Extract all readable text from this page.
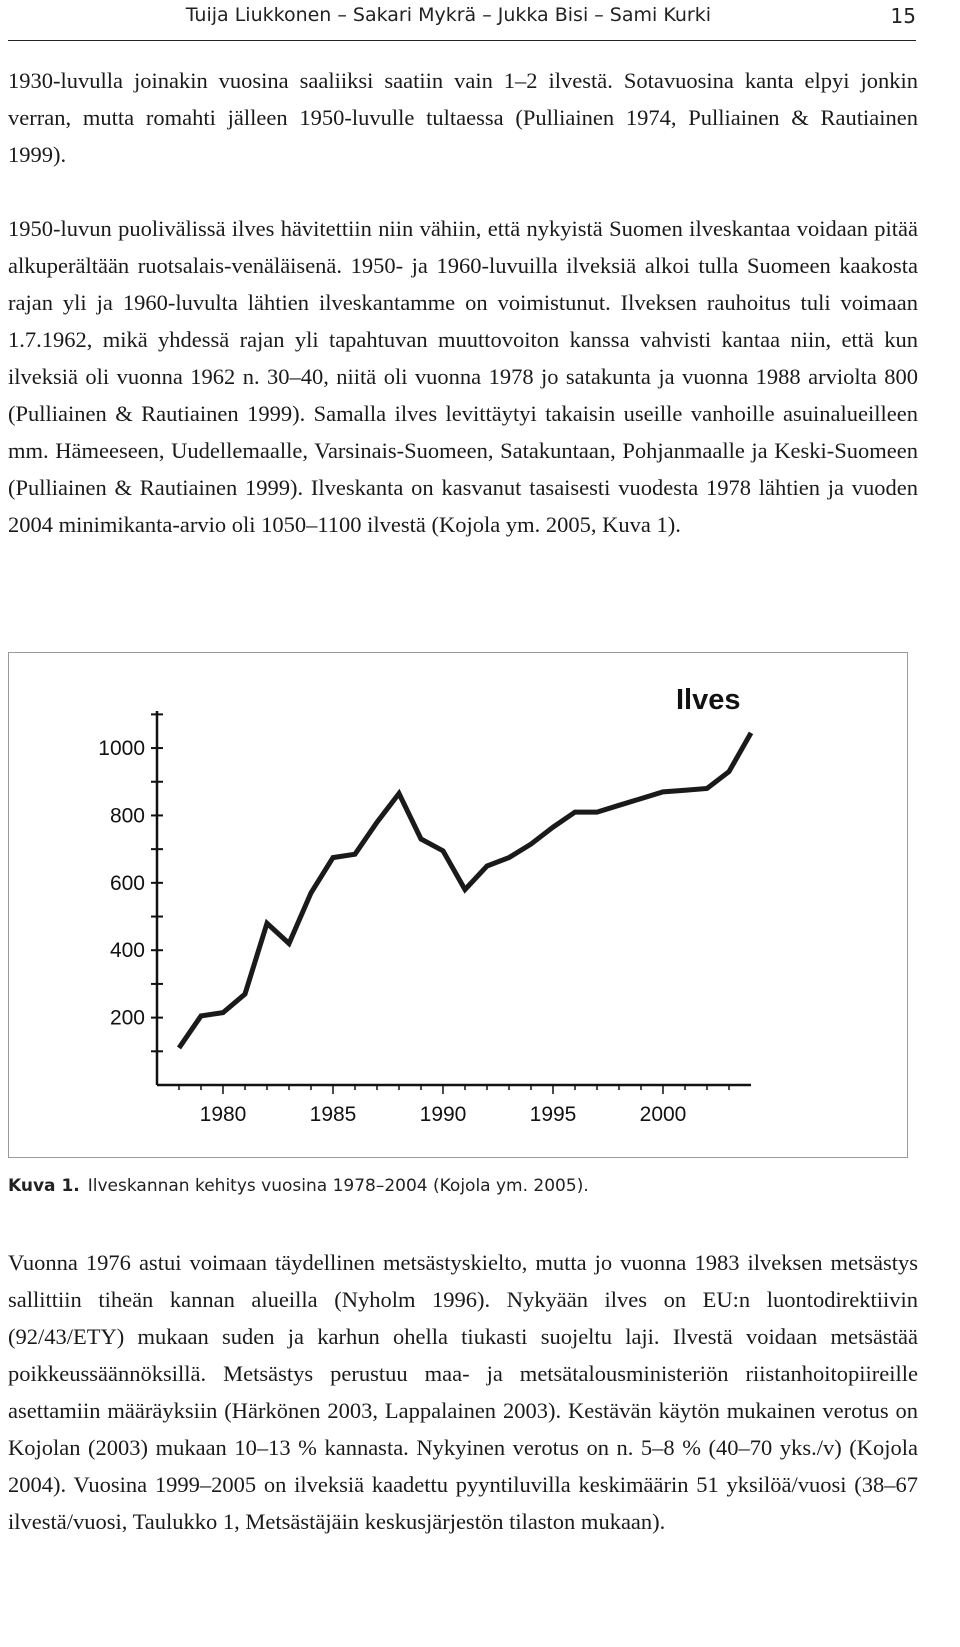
Tuija Liukkonen – Sakari Mykrä – Jukka Bisi – Sami Kurki	15

1930-luvulla joinakin vuosina saaliiksi saatiin vain 1–2 ilvestä. Sotavuosina kanta elpyi jonkin verran, mutta romahti jälleen 1950-luvulle tultaessa (Pulliainen 1974, Pulliainen & Rautiainen 1999).

1950-luvun puolivälissä ilves hävitettiin niin vähiin, että nykyistä Suomen ilveskantaa voidaan pitää alkuperältään ruotsalais-venäläisenä. 1950- ja 1960-luvuilla ilveksiä alkoi tulla Suomeen kaakosta rajan yli ja 1960-luvulta lähtien ilveskantamme on voimistunut. Ilveksen rauhoitus tuli voimaan 1.7.1962, mikä yhdessä rajan yli tapahtuvan muuttovoiton kanssa vahvisti kantaa niin, että kun ilveksiä oli vuonna 1962 n. 30–40, niitä oli vuonna 1978 jo satakunta ja vuonna 1988 arviolta 800 (Pulliainen & Rautiainen 1999). Samalla ilves levittäytyi takaisin useille vanhoille asuinalueilleen mm. Hämeeseen, Uudellemaalle, Varsinais-Suomeen, Satakuntaan, Pohjanmaalle ja Keski-Suomeen (Pulliainen & Rautiainen 1999). Ilveskanta on kasvanut tasaisesti vuodesta 1978 lähtien ja vuoden 2004 minimikanta-arvio oli 1050–1100 ilvestä (Kojola ym. 2005, Kuva 1).

200
400
600
800
1000
1980	1985	1990	1995	2000
Ilves
Kuva 1. Ilveskannan kehitys vuosina 1978–2004 (Kojola ym. 2005).

Vuonna 1976 astui voimaan täydellinen metsästyskielto, mutta jo vuonna 1983 ilveksen metsästys sallittiin tiheän kannan alueilla (Nyholm 1996). Nykyään ilves on EU:n luontodirektiivin (92/43/ETY) mukaan suden ja karhun ohella tiukasti suojeltu laji. Ilvestä voidaan metsästää poikkeussäännöksillä. Metsästys perustuu maa- ja metsätalousministeriön riistanhoitopiireille asettamiin määräyksiin (Härkönen 2003, Lappalainen 2003). Kestävän käytön mukainen verotus on Kojolan (2003) mukaan 10–13 % kannasta. Nykyinen verotus on n. 5–8 % (40–70 yks./v) (Kojola 2004). Vuosina 1999–2005 on ilveksiä kaadettu pyyntiluvilla keskimäärin 51 yksilöä/vuosi (38–67 ilvestä/vuosi, Taulukko 1, Metsästäjäin keskusjärjestön tilaston mukaan).
